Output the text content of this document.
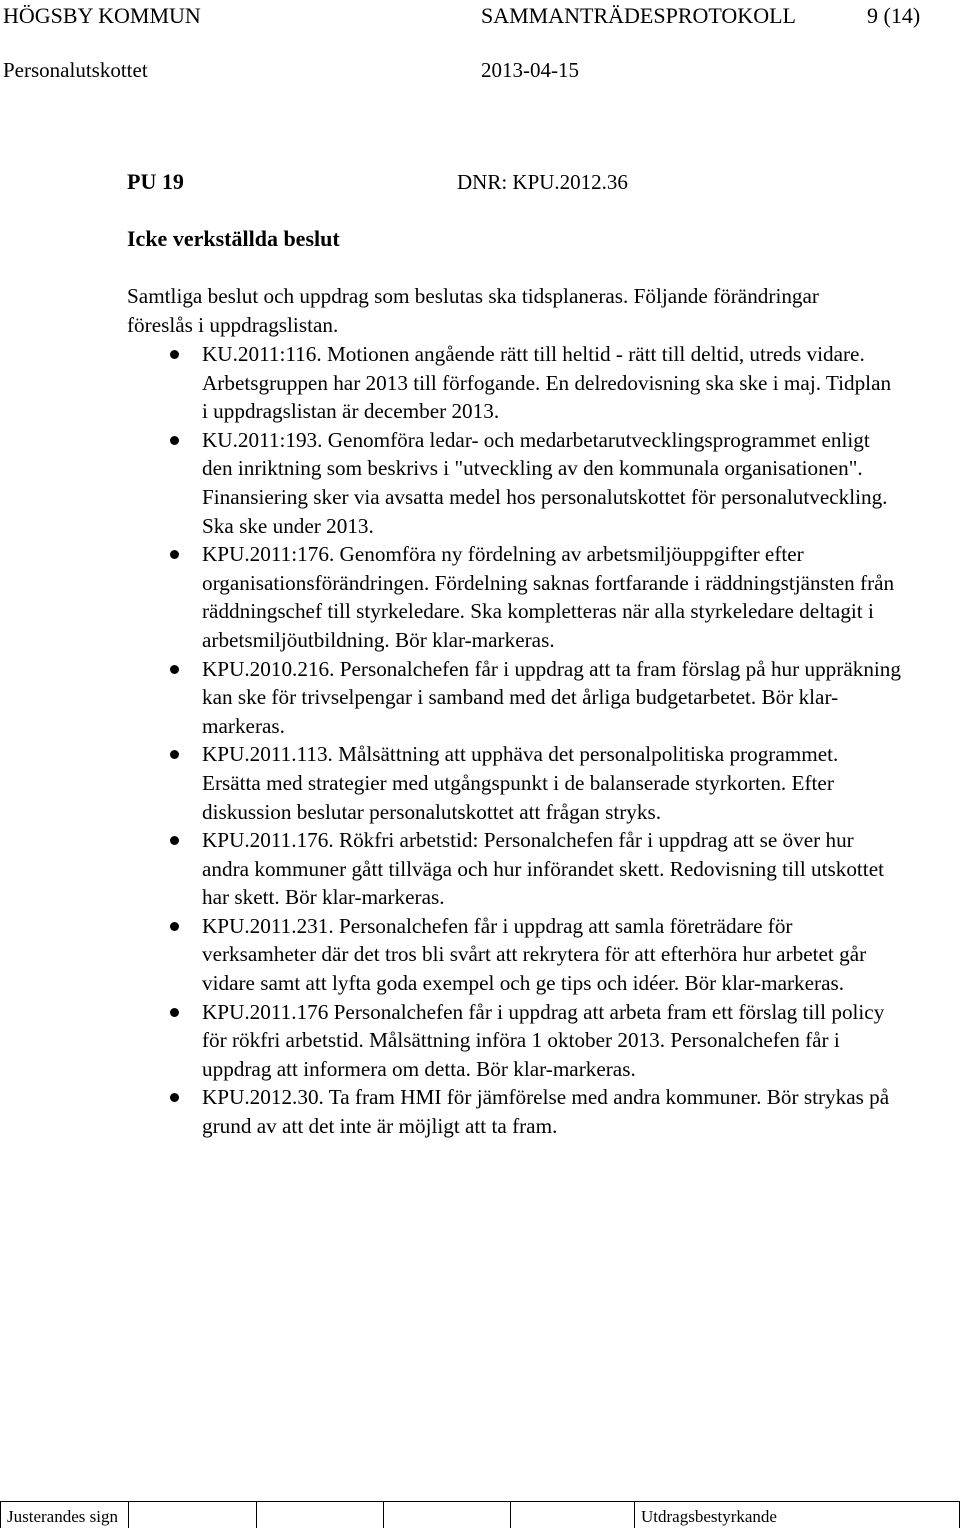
HÖGSBY KOMMUN	SAMMANTRÄDESPROTOKOLL	9 (14)
Personalutskottet	2013-04-15
PU 19	DNR: KPU.2012.36
Icke verkställda beslut

Samtliga beslut och uppdrag som beslutas ska tidsplaneras. Följande förändringar föreslås i uppdragslistan.

KU.2011:116. Motionen angående rätt till heltid - rätt till deltid, utreds vidare. Arbetsgruppen har 2013 till förfogande. En delredovisning ska ske i maj. Tidplan i uppdragslistan är december 2013.
KU.2011:193. Genomföra ledar- och medarbetarutvecklingsprogrammet enligt den inriktning som beskrivs i "utveckling av den kommunala organisationen". Finansiering sker via avsatta medel hos personalutskottet för personalutveckling. Ska ske under 2013.
KPU.2011:176. Genomföra ny fördelning av arbetsmiljöuppgifter efter organisationsförändringen. Fördelning saknas fortfarande i räddningstjänsten från räddningschef till styrkeledare. Ska kompletteras när alla styrkeledare deltagit i arbetsmiljöutbildning. Bör klar-markeras.
KPU.2010.216. Personalchefen får i uppdrag att ta fram förslag på hur uppräkning kan ske för trivselpengar i samband med det årliga budgetarbetet. Bör klar-markeras.
KPU.2011.113. Målsättning att upphäva det personalpolitiska programmet. Ersätta med strategier med utgångspunkt i de balanserade styrkorten. Efter diskussion beslutar personalutskottet att frågan stryks.
KPU.2011.176. Rökfri arbetstid: Personalchefen får i uppdrag att se över hur andra kommuner gått tillväga och hur införandet skett. Redovisning till utskottet har skett. Bör klar-markeras.
KPU.2011.231. Personalchefen får i uppdrag att samla företrädare för verksamheter där det tros bli svårt att rekrytera för att efterhöra hur arbetet går vidare samt att lyfta goda exempel och ge tips och idéer. Bör klar-markeras.
KPU.2011.176 Personalchefen får i uppdrag att arbeta fram ett förslag till policy för rökfri arbetstid. Målsättning införa 1 oktober 2013. Personalchefen får i uppdrag att informera om detta. Bör klar-markeras.
KPU.2012.30. Ta fram HMI för jämförelse med andra kommuner. Bör strykas på grund av att det inte är möjligt att ta fram.
Justerandes sign	Utdragsbestyrkande
